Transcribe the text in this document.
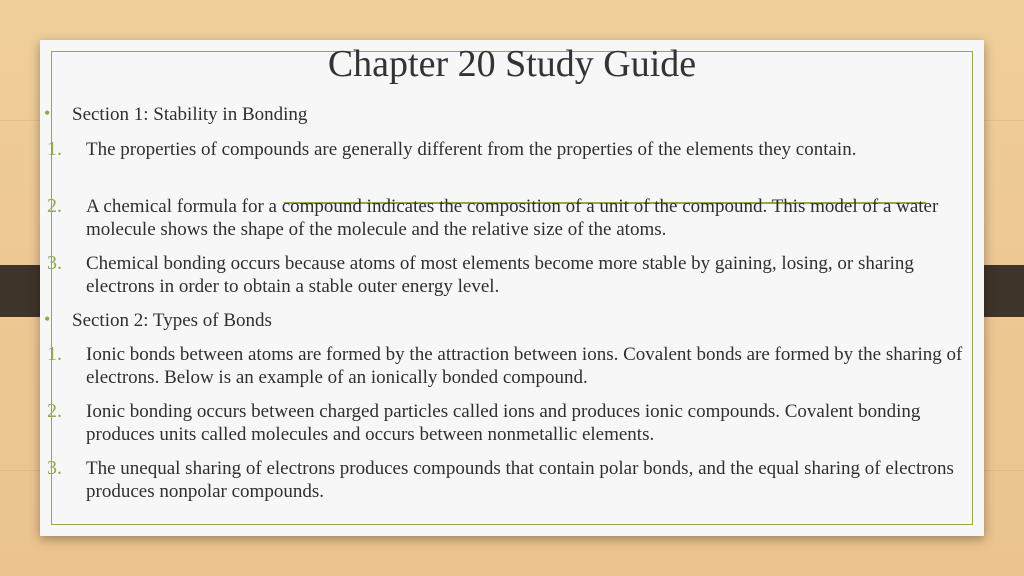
Chapter 20 Study Guide
• Section 1: Stability in Bonding
1. The properties of compounds are generally different from the properties of the elements they contain.
2. A chemical formula for a compound indicates the composition of a unit of the compound. This model of a water molecule shows the shape of the molecule and the relative size of the atoms.
3. Chemical bonding occurs because atoms of most elements become more stable by gaining, losing, or sharing electrons in order to obtain a stable outer energy level.
• Section 2: Types of Bonds
1. Ionic bonds between atoms are formed by the attraction between ions. Covalent bonds are formed by the sharing of electrons. Below is an example of an ionically bonded compound.
2. Ionic bonding occurs between charged particles called ions and produces ionic compounds. Covalent bonding produces units called molecules and occurs between nonmetallic elements.
3. The unequal sharing of electrons produces compounds that contain polar bonds, and the equal sharing of electrons produces nonpolar compounds.
